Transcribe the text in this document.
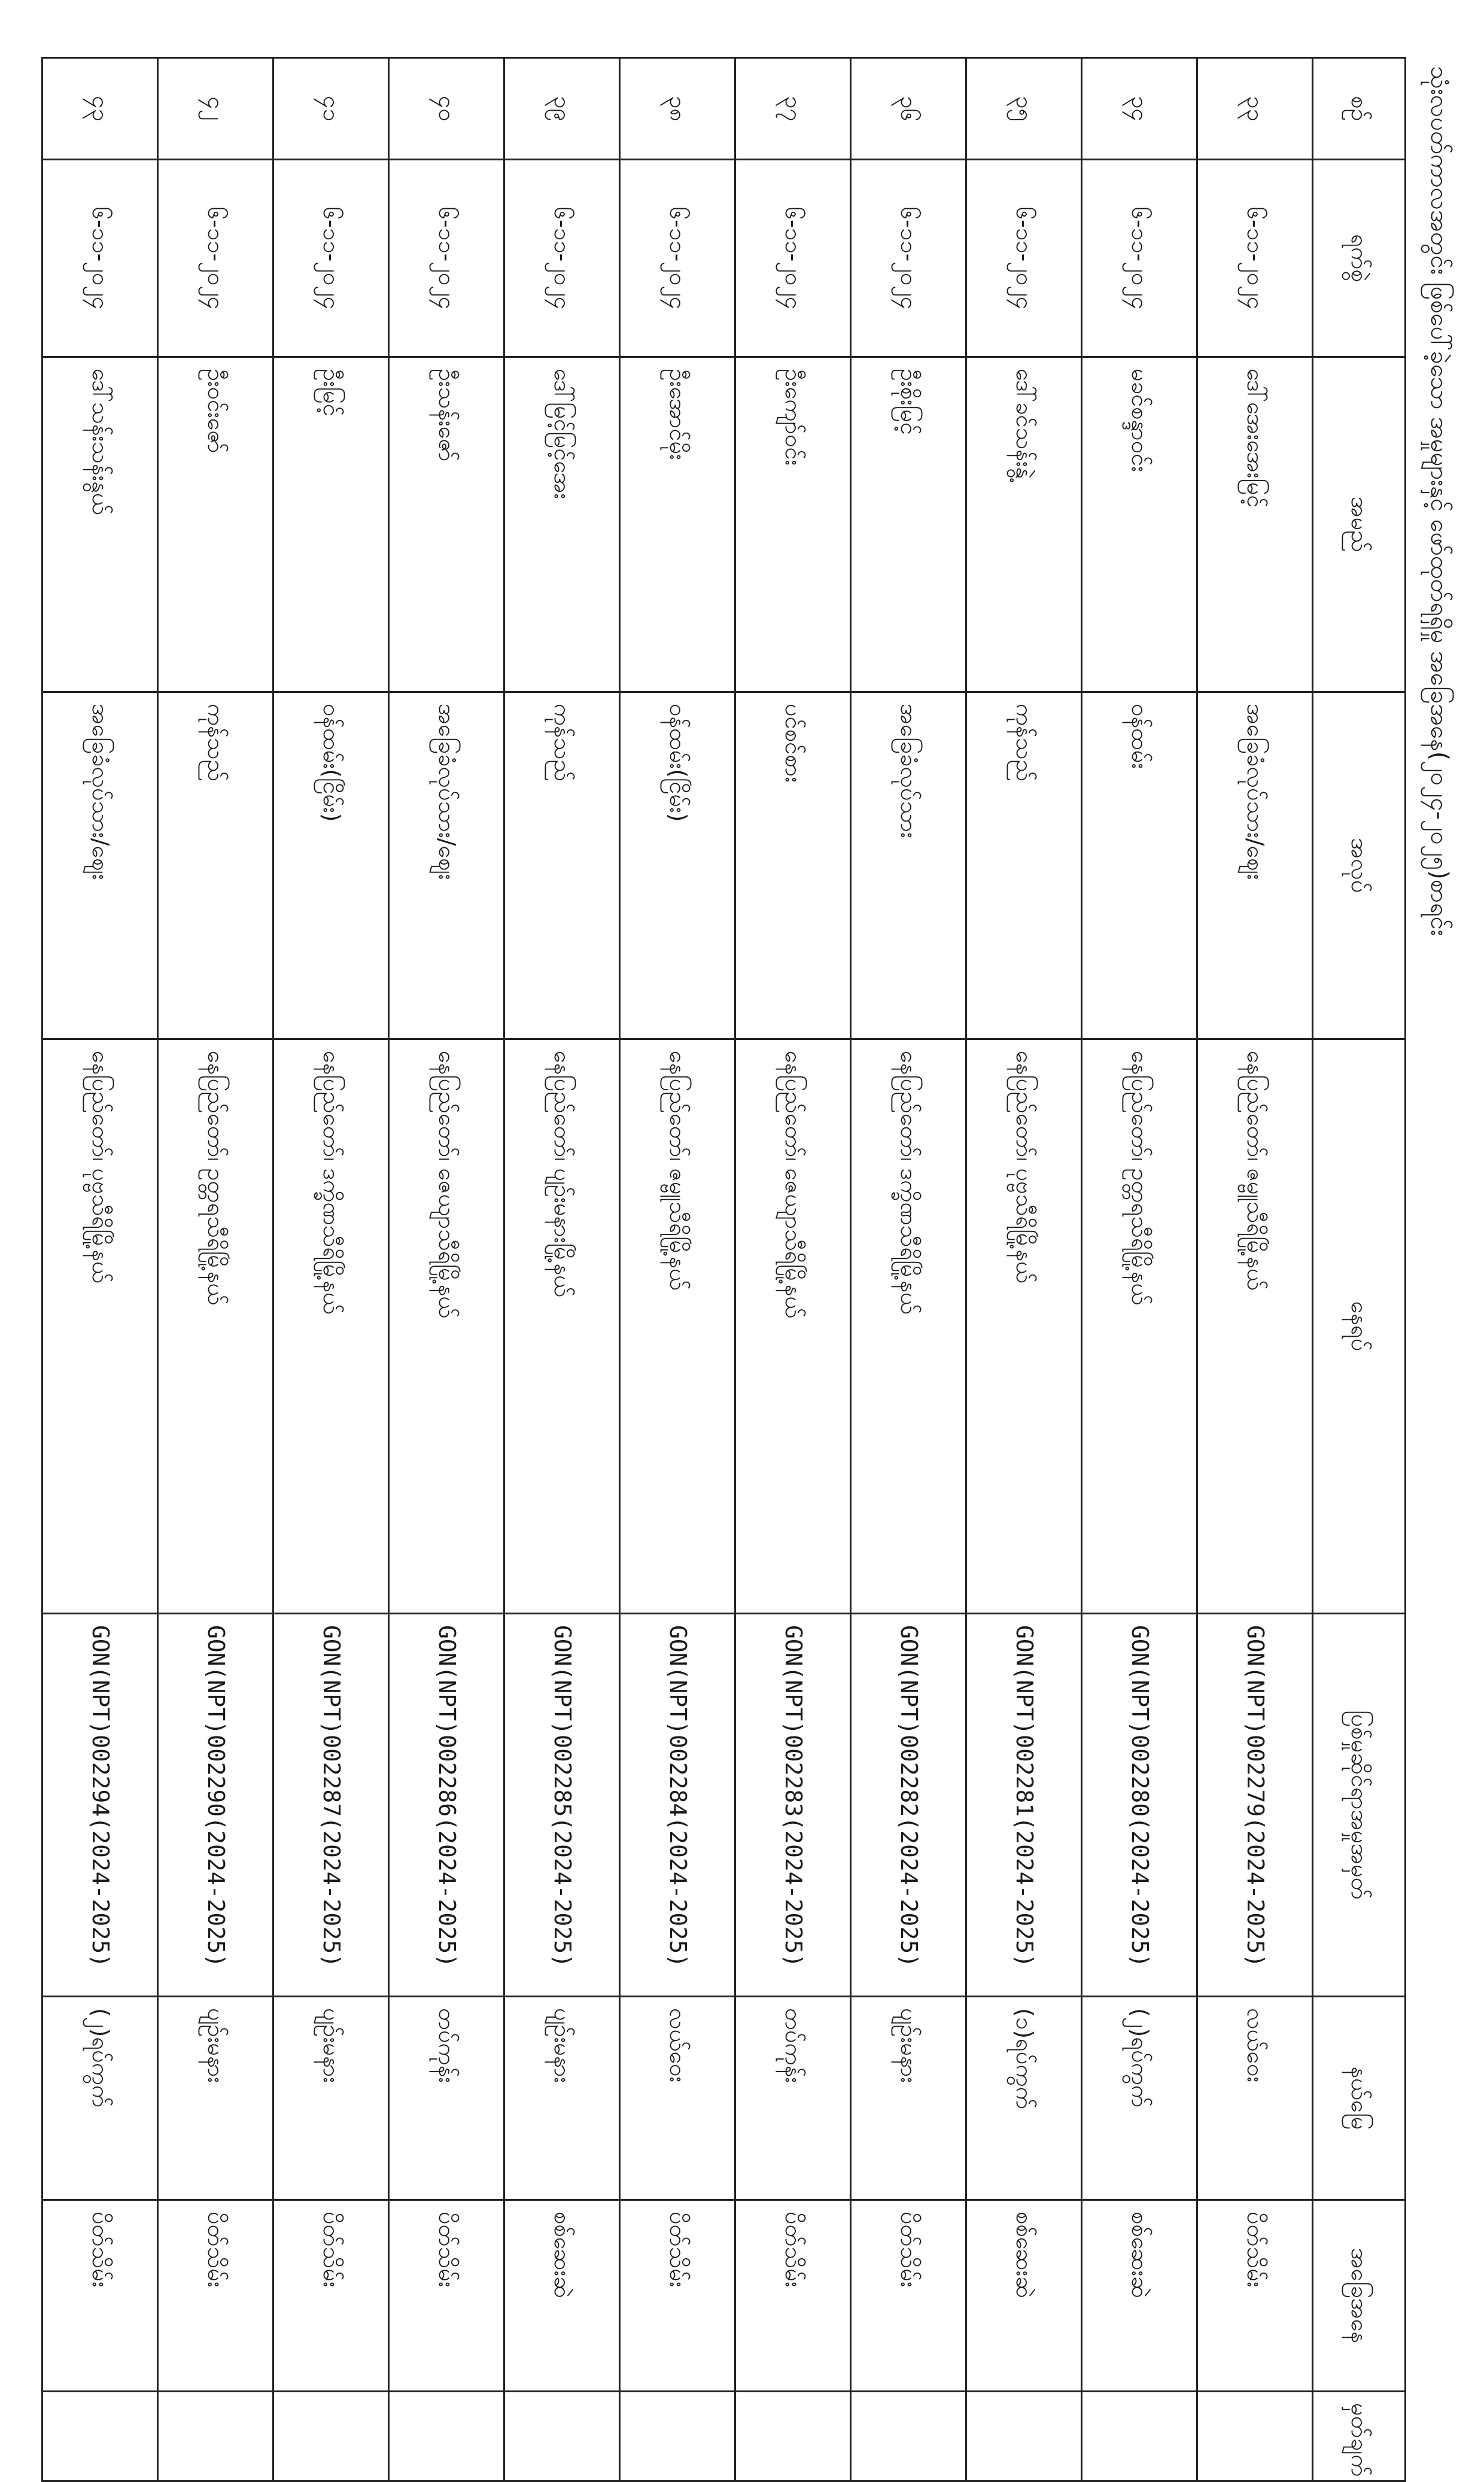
သုံးလပတ်ကာလအတွင်း ဖြစ်ပေါ်ခဲ့သော အမှုများနှင့် ဖော်ထုတ်ရရှိမှု အခြေအနေ(၂၀၂၄-၂၀၂၅)စာရင်း
စဉ်	ရက်စွဲ	အမည်	အလုပ်	နေရပ်	ပြစ်မှုဆိုင်ရာအမှုအမှတ်	နယ်မြေ	အခြေအနေ	မှတ်ချက်
၃၃	၆-၁၁-၂၀၂၄	ဒေါ်အေးအေးမြင့်	အခြေခံလုပ်သား/ဈေး	နေပြည်တော်၊ ဇမ္ဗူသီရိမြို့နယ်	GON(NPT)002279(2024-2025)	လယ်ဝေး	ပိတ်သိမ်း	
၃၄	၆-၁၁-၂၀၂၄	မခင်စန္ဒာဝင်း	ဝန်ထမ်း	နေပြည်တော်၊ ဥတ္တရသီရိမြို့နယ်	GON(NPT)002280(2024-2025)	(၂)ရပ်ကွက်	စစ်ဆေးဆဲ	
၃၅	၆-၁၁-၂၀၂၄	ဒေါ်ခင်သန်းနွဲ့	ကုန်သည်	နေပြည်တော်၊ ပုဗ္ဗသီရိမြို့နယ်	GON(NPT)002281(2024-2025)	(၁)ရပ်ကွက်	စစ်ဆေးဆဲ	
၃၆	၆-၁၁-၂၀၂၄	ဦးစိုးမြင့်	အခြေခံလုပ်သား	နေပြည်တော်၊ ဒက္ခိဏသီရိမြို့နယ်	GON(NPT)002282(2024-2025)	ပျဉ်းမနား	ပိတ်သိမ်း	
၃၇	၆-၁၁-၂၀၂၄	ဦးကျော်ဝင်း	ပင်စင်စား	နေပြည်တော်၊ ဇေယျာသီရိမြို့နယ်	GON(NPT)002283(2024-2025)	တပ်ကုန်း	ပိတ်သိမ်း	
၃၈	၆-၁၁-၂၀၂၄	ဦးအောင်မိုး	ဝန်ထမ်း(ငြိမ်း)	နေပြည်တော်၊ ဇမ္ဗူသီရိမြို့နယ်	GON(NPT)002284(2024-2025)	လယ်ဝေး	ပိတ်သိမ်း	
၃၉	၆-၁၁-၂၀၂၄	ဒေါ်မြင့်မြင့်အေး	ကုန်သည်	နေပြည်တော်၊ ပျဉ်းမနားမြို့နယ်	GON(NPT)002285(2024-2025)	ပျဉ်းမနား	စစ်ဆေးဆဲ	
၄၀	၆-၁၁-၂၀၂၄	ဦးသန်းဇော်	အခြေခံလုပ်သား/ဈေး	နေပြည်တော်၊ ဇေယျာသီရိမြို့နယ်	GON(NPT)002286(2024-2025)	တပ်ကုန်း	ပိတ်သိမ်း	
၄၁	၆-၁၁-၂၀၂၄	ဦးမြင့်	ဝန်ထမ်း(ငြိမ်း)	နေပြည်တော်၊ ဒက္ခိဏသီရိမြို့နယ်	GON(NPT)002287(2024-2025)	ပျဉ်းမနား	ပိတ်သိမ်း	
၄၂	၆-၁၁-၂၀၂၄	ဦးဝင်းဇော်	ကုန်သည်	နေပြည်တော်၊ ဥတ္တရသီရိမြို့နယ်	GON(NPT)002290(2024-2025)	ပျဉ်းမနား	ပိတ်သိမ်း	
၄၃	၆-၁၁-၂၀၂၄	ဒေါ်သန်းသန်းနွယ်	အခြေခံလုပ်သား/ဈေး	နေပြည်တော်၊ ပုဗ္ဗသီရိမြို့နယ်	GON(NPT)002294(2024-2025)	(၂)ရပ်ကွက်	ပိတ်သိမ်း	
